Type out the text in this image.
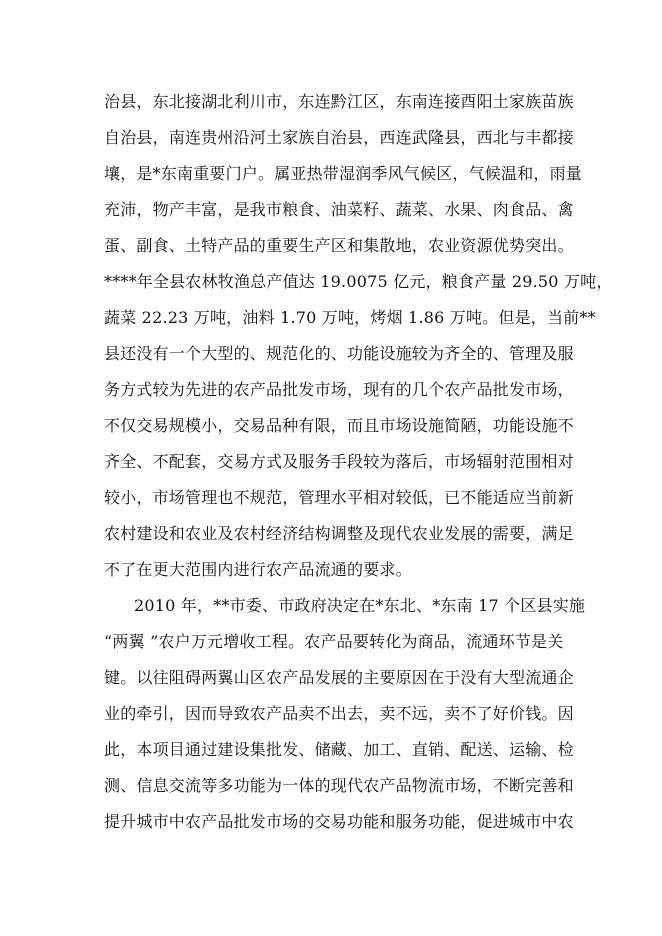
治县，东北接湖北利川市，东连黔江区，东南连接酉阳土家族苗族
自治县，南连贵州沿河土家族自治县，西连武隆县，西北与丰都接
壤，是*东南重要门户。属亚热带湿润季风气候区，气候温和，雨量
充沛，物产丰富，是我市粮食、油菜籽、蔬菜、水果、肉食品、禽
蛋、副食、土特产品的重要生产区和集散地，农业资源优势突出。
****年全县农林牧渔总产值达 19.0075 亿元，粮食产量 29.50 万吨，
蔬菜 22.23 万吨，油料 1.70 万吨，烤烟 1.86 万吨。但是，当前**
县还没有一个大型的、规范化的、功能设施较为齐全的、管理及服
务方式较为先进的农产品批发市场，现有的几个农产品批发市场，
不仅交易规模小，交易品种有限，而且市场设施简陋，功能设施不
齐全、不配套，交易方式及服务手段较为落后，市场辐射范围相对
较小，市场管理也不规范，管理水平相对较低，已不能适应当前新
农村建设和农业及农村经济结构调整及现代农业发展的需要，满足
不了在更大范围内进行农产品流通的要求。
2010 年，**市委、市政府决定在*东北、*东南 17 个区县实施
“两翼 ”农户万元增收工程。农产品要转化为商品，流通环节是关
键。以往阻碍两翼山区农产品发展的主要原因在于没有大型流通企
业的牵引，因而导致农产品卖不出去，卖不远，卖不了好价钱。因
此，本项目通过建设集批发、储藏、加工、直销、配送、运输、检
测、信息交流等多功能为一体的现代农产品物流市场，不断完善和
提升城市中农产品批发市场的交易功能和服务功能，促进城市中农
